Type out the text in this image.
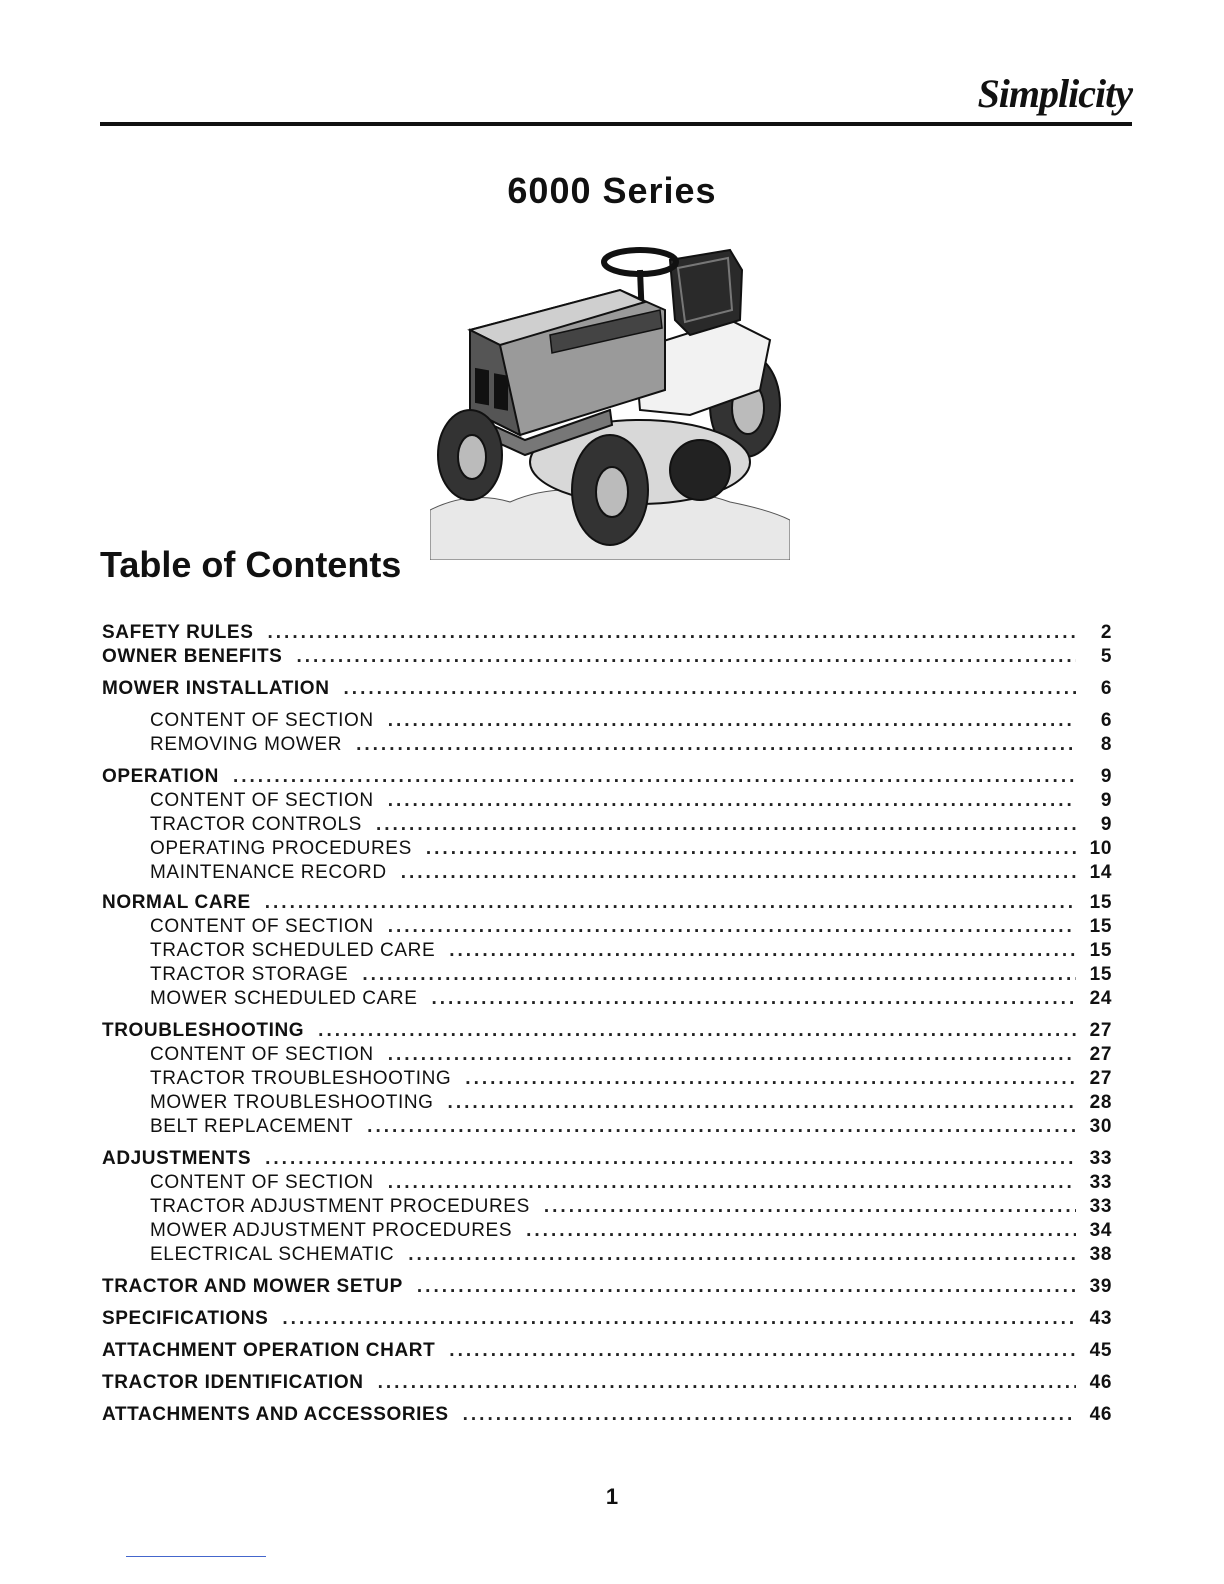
Simplicity
6000 Series
Table of Contents
SAFETY RULES .....	2
OWNER BENEFITS .....	5
MOWER INSTALLATION .....	6
CONTENT OF SECTION .....	6
REMOVING MOWER .....	8
OPERATION .....	9
CONTENT OF SECTION .....	9
TRACTOR CONTROLS .....	9
OPERATING PROCEDURES .....	10
MAINTENANCE RECORD .....	14
NORMAL CARE .....	15
CONTENT OF SECTION .....	15
TRACTOR SCHEDULED CARE .....	15
TRACTOR STORAGE .....	15
MOWER SCHEDULED CARE .....	24
TROUBLESHOOTING .....	27
CONTENT OF SECTION .....	27
TRACTOR TROUBLESHOOTING .....	27
MOWER TROUBLESHOOTING .....	28
BELT REPLACEMENT .....	30
ADJUSTMENTS .....	33
CONTENT OF SECTION .....	33
TRACTOR ADJUSTMENT PROCEDURES .....	33
MOWER ADJUSTMENT PROCEDURES .....	34
ELECTRICAL SCHEMATIC .....	38
TRACTOR AND MOWER SETUP .....	39
SPECIFICATIONS .....	43
ATTACHMENT OPERATION CHART .....	45
TRACTOR IDENTIFICATION .....	46
ATTACHMENTS AND ACCESSORIES .....	46
1
